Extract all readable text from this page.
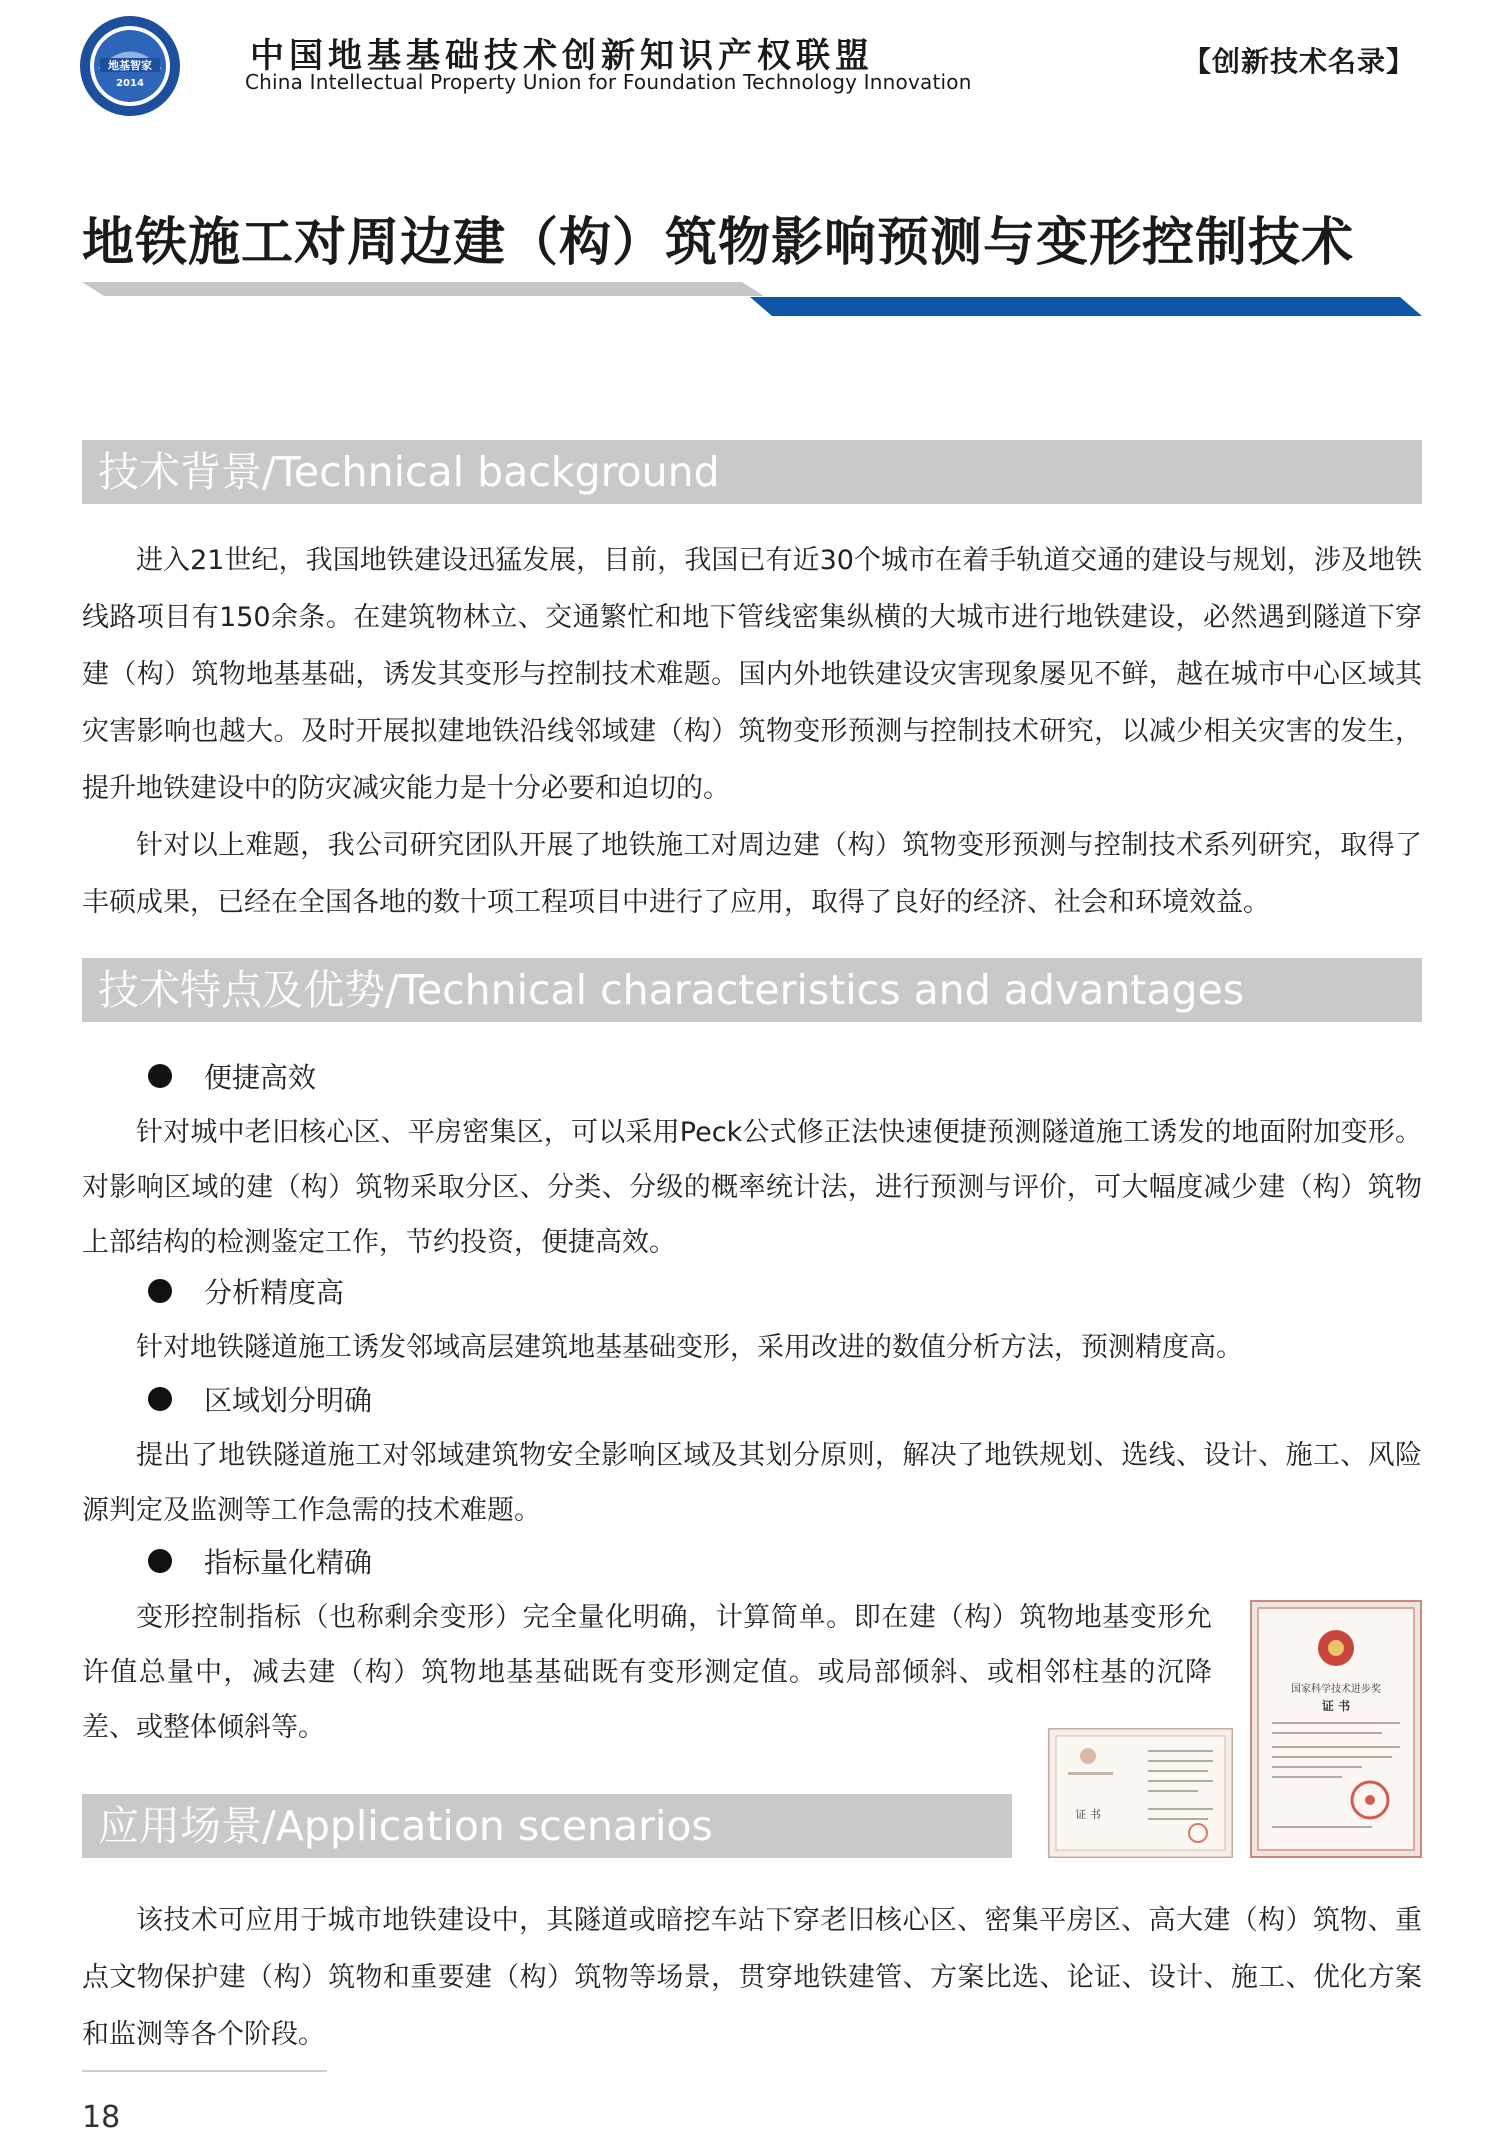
地基智家
2014
中国地基基础技术创新知识产权联盟
China Intellectual Property Union for Foundation Technology Innovation
【创新技术名录】
地铁施工对周边建（构）筑物影响预测与变形控制技术
技术背景/Technical background

进入21世纪，我国地铁建设迅猛发展，目前，我国已有近30个城市在着手轨道交通的建设与规划，涉及地铁线路项目有150余条。在建筑物林立、交通繁忙和地下管线密集纵横的大城市进行地铁建设，必然遇到隧道下穿建（构）筑物地基基础，诱发其变形与控制技术难题。国内外地铁建设灾害现象屡见不鲜，越在城市中心区域其灾害影响也越大。及时开展拟建地铁沿线邻域建（构）筑物变形预测与控制技术研究，以减少相关灾害的发生，提升地铁建设中的防灾减灾能力是十分必要和迫切的。

针对以上难题，我公司研究团队开展了地铁施工对周边建（构）筑物变形预测与控制技术系列研究，取得了丰硕成果，已经在全国各地的数十项工程项目中进行了应用，取得了良好的经济、社会和环境效益。

技术特点及优势/Technical characteristics and advantages
便捷高效

针对城中老旧核心区、平房密集区，可以采用Peck公式修正法快速便捷预测隧道施工诱发的地面附加变形。对影响区域的建（构）筑物采取分区、分类、分级的概率统计法，进行预测与评价，可大幅度减少建（构）筑物上部结构的检测鉴定工作，节约投资，便捷高效。

分析精度高

针对地铁隧道施工诱发邻域高层建筑地基基础变形，采用改进的数值分析方法，预测精度高。

区域划分明确

提出了地铁隧道施工对邻域建筑物安全影响区域及其划分原则，解决了地铁规划、选线、设计、施工、风险源判定及监测等工作急需的技术难题。

指标量化精确

变形控制指标（也称剩余变形）完全量化明确，计算简单。即在建（构）筑物地基变形允许值总量中，减去建（构）筑物地基基础既有变形测定值。或局部倾斜、或相邻柱基的沉降差、或整体倾斜等。

证 书
国家科学技术进步奖
证 书
应用场景/Application scenarios

该技术可应用于城市地铁建设中，其隧道或暗挖车站下穿老旧核心区、密集平房区、高大建（构）筑物、重点文物保护建（构）筑物和重要建（构）筑物等场景，贯穿地铁建管、方案比选、论证、设计、施工、优化方案和监测等各个阶段。

18
